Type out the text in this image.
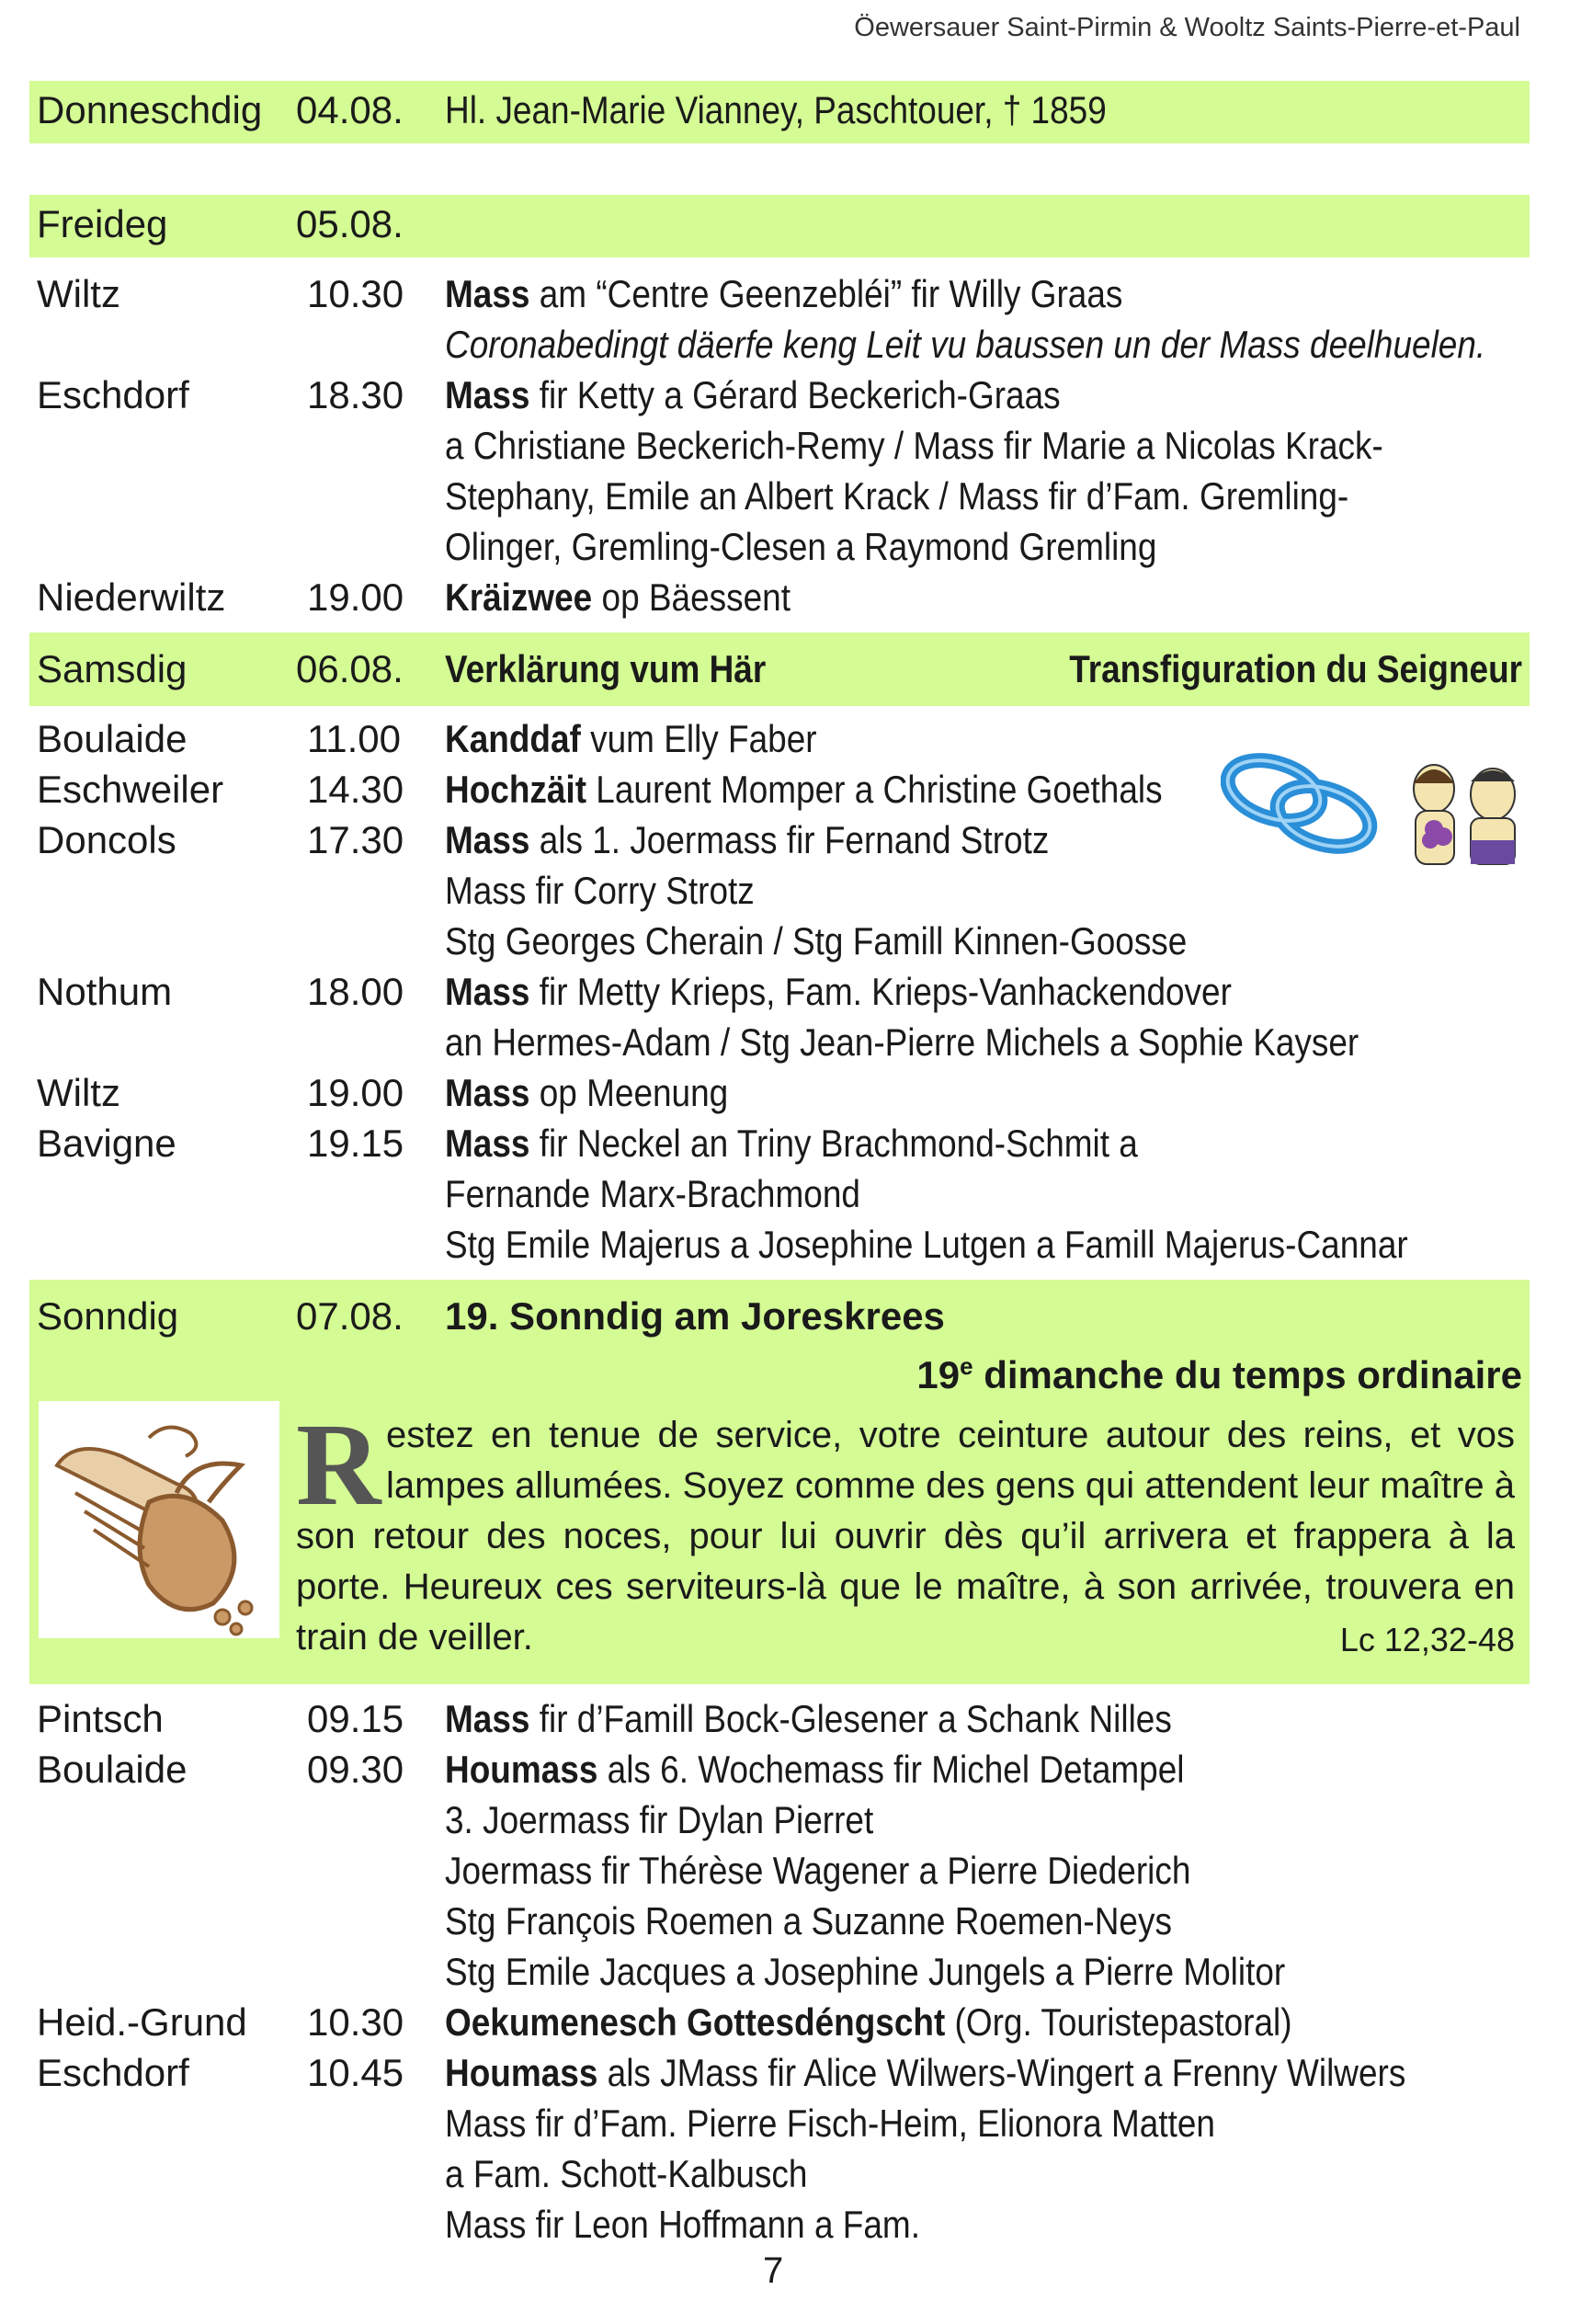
Öewersauer Saint-Pirmin & Wooltz Saints-Pierre-et-Paul
Donneschdig 04.08. Hl. Jean-Marie Vianney, Paschtouer, † 1859
Freideg	05.08.
Wiltz	10.30 Mass am “Centre Geenzebléi” fir Willy Graas
Coronabedingt däerfe keng Leit vu baussen un der Mass deelhuelen.
Eschdorf	18.30 Mass fir Ketty a Gérard Beckerich-Graas
a Christiane Beckerich-Remy / Mass fir Marie a Nicolas Krack-
Stephany, Emile an Albert Krack / Mass fir d’Fam. Gremling-
Olinger, Gremling-Clesen a Raymond Gremling
Niederwiltz 19.00 Kräizwee op Bäessent
Samsdig	06.08. Verklärung vum Här	Transfiguration du Seigneur
Boulaide	11.00 Kanddaf vum Elly Faber
Eschweiler 14.30 Hochzäit Laurent Momper a Christine Goethals
Doncols	17.30 Mass als 1. Joermass fir Fernand Strotz
Mass fir Corry Strotz
Stg Georges Cherain / Stg Famill Kinnen-Goosse
Nothum	18.00 Mass fir Metty Krieps, Fam. Krieps-Vanhackendover
an Hermes-Adam / Stg Jean-Pierre Michels a Sophie Kayser
Wiltz	19.00 Mass op Meenung
Bavigne	19.15 Mass fir Neckel an Triny Brachmond-Schmit a
Fernande Marx-Brachmond
Stg Emile Majerus a Josephine Lutgen a Famill Majerus-Cannar
Sonndig	07.08. 19. Sonndig am Joreskrees
19e dimanche du temps ordinaire
R estez en tenue de service, votre ceinture autour des reins, et vos
lampes allumées. Soyez comme des gens qui attendent leur maître à
son retour des noces, pour lui ouvrir dès qu’il arrivera et frappera à la
porte. Heureux ces serviteurs-là que le maître, à son arrivée, trouvera en
train de veiller.	Lc 12,32-48
Pintsch	09.15 Mass fir d’Famill Bock-Glesener a Schank Nilles
Boulaide	09.30 Houmass als 6. Wochemass fir Michel Detampel
3. Joermass fir Dylan Pierret
Joermass fir Thérèse Wagener a Pierre Diederich
Stg François Roemen a Suzanne Roemen-Neys
Stg Emile Jacques a Josephine Jungels a Pierre Molitor
Heid.-Grund 10.30 Oekumenesch Gottesdéngscht (Org. Touristepastoral)
Eschdorf	10.45 Houmass als JMass fir Alice Wilwers-Wingert a Frenny Wilwers
Mass fir d’Fam. Pierre Fisch-Heim, Elionora Matten
a Fam. Schott-Kalbusch
Mass fir Leon Hoffmann a Fam.
7
